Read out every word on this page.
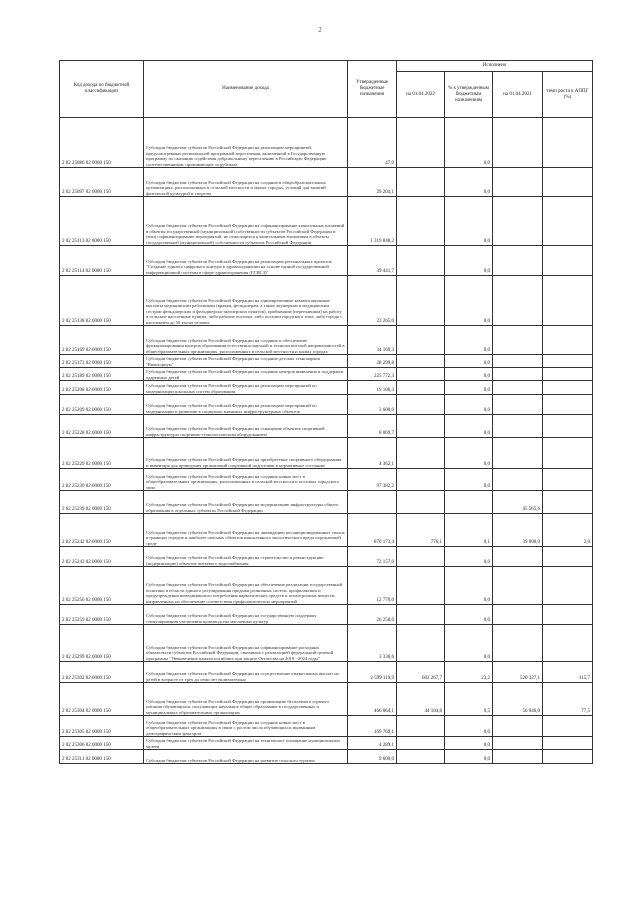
2
Код дохода по бюджетной классификации	Наименование дохода	Утвержденные бюджетные назначения	Исполнено			
			на 01.04.2022	% к утвержденным бюджетным назначениям	на 01.04.2021	темп роста к АППГ (%)
2 02 25086 02 0000 150	Субсидии бюджетам субъектов Российской Федерации на реализацию мероприятий, предусмотренных региональной программой переселения, включенной в Государственную программу по оказанию содействия добровольному переселению в Российскую Федерацию соотечественников, проживающих за рубежом	47,0		0,0		
2 02 25097 02 0000 150	Субсидии бюджетам субъектов Российской Федерации на создание в общеобразовательных организациях, расположенных в сельской местности и малых городах, условий для занятий физической культурой и спортом	29 204,1		0,0		
2 02 25113 02 0000 150	Субсидии бюджетам субъектов Российской Федерации на софинансирование капитальных вложений в объекты государственной (муниципальной) собственности субъектов Российской Федерации и (или) софинансирование мероприятий, не относящихся к капитальным вложениям в объекты государственной (муниципальной) собственности субъектов Российской Федерации	1 319 848,2		0,0		
2 02 25114 02 0000 150	Субсидии бюджетам субъектов Российской Федерации на реализацию региональных проектов "Создание единого цифрового контура в здравоохранении на основе единой государственной информационной системы в сфере здравоохранения (ЕГИСЗ)"	39 441,7		0,0		
2 02 25138 02 0000 150	Субсидии бюджетам субъектов Российской Федерации на единовременные компенсационные выплаты медицинским работникам (врачам, фельдшерам, а также акушеркам и медицинским сестрам фельдшерских и фельдшерско-акушерских пунктов), прибывшим (переехавшим) на работу в сельские населенные пункты, либо рабочие поселки, либо поселки городского типа, либо города с населением до 50 тысяч человек	23 265,0		0,0		
2 02 25169 02 0000 150	Субсидии бюджетам субъектов Российской Федерации на создание и обеспечение функционирования центров образования естественно-научной и технологической направленностей в общеобразовательных организациях, расположенных в сельской местности и малых городах	34 169,3		0,0		
2 02 25173 02 0000 150	Субсидии бюджетам субъектов Российской Федерации на создание детских технопарков "Кванториум"	28 299,8		0,0		
2 02 25189 02 0000 150	Субсидии бюджетам субъектов Российской Федерации на создание центров выявления и поддержки одаренных детей	225 772,3		0,0		
2 02 25208 02 0000 150	Субсидии бюджетам субъектов Российской Федерации на реализацию мероприятий по модернизации школьных систем образования	19 106,3		0,0		
2 02 25209 02 0000 150	Субсидии бюджетам субъектов Российской Федерации на реализацию мероприятий по модернизации и развитию в социально значимых инфраструктурных объектов	3 600,0		0,0		
2 02 25228 02 0000 150	Субсидии бюджетам субъектов Российской Федерации на оснащение объектов спортивной инфраструктуры спортивно-технологическим оборудованием	8 069,7		0,0		
2 02 25229 02 0000 150	Субсидии бюджетам субъектов Российской Федерации на приобретение спортивного оборудования и инвентаря для приведения организаций спортивной подготовки в нормативное состояние	4 362,1		0,0		
2 02 25230 02 0000 150	Субсидии бюджетам субъектов Российской Федерации на создание новых мест в общеобразовательных организациях, расположенных в сельской местности и поселках городского типа	97 382,2		0,0		
2 02 25239 02 0000 150	Субсидии бюджетам субъектов Российской Федерации на модернизацию инфраструктуры общего образования в отдельных субъектах Российской Федерации				45 565,6	
2 02 25242 02 0000 150	Субсидии бюджетам субъектов Российской Федерации на ликвидацию несанкционированных свалок в границах городов и наиболее опасных объектов накопленного экологического вреда окружающей среде	870 173,4	776,1	0,1	39 000,0	2,0
2 02 25243 02 0000 150	Субсидии бюджетам субъектов Российской Федерации на строительство и реконструкцию (модернизацию) объектов питьевого водоснабжения	72 157,0		0,0		
2 02 25256 02 0000 150	Субсидии бюджетам субъектов Российской Федерации на обеспечение реализации государственной политики в области единого регулирования продажи розничных систем, профилактики и предупреждения немедицинского потребления наркотических средств и психотропных веществ, направленных на обеспечение соответствия профилактических мероприятий	12 770,0		0,0		
2 02 25259 02 0000 150	Субсидии бюджетам субъектов Российской Федерации на государственную поддержку стимулирования увеличения производства масличных культур	26 258,0		0,0		
2 02 25299 02 0000 150	Субсидии бюджетам субъектов Российской Федерации на софинансирование расходных обязательств субъектов Российской Федерации, связанных с реализацией федеральной целевой программы "Увековечение памяти погибших при защите Отечества на 2019 - 2024 годы"	3 336,6		0,0		
2 02 25302 02 0000 150	Субсидии бюджетам субъектов Российской Федерации на осуществление ежемесячных выплат на детей в возрасте от трех до семи лет включительно	2 599 119,9	602 267,7	23,2	520 327,1	115,7
2 02 25304 02 0000 150	Субсидии бюджетам субъектов Российской Федерации на организацию бесплатного горячего питания обучающихся, получающих начальное общее образование в государственных и муниципальных образовательных организациях	466 064,1	44 104,8	9,5	56 946,0	77,5
2 02 25305 02 0000 150	Субсидии бюджетам субъектов Российской Федерации на создание новых мест в общеобразовательных организациях в связи с ростом числа обучающихся, вызванным демографическим фактором	169 769,1		0,0		
2 02 25306 02 0000 150	Субсидии бюджетам субъектов Российской Федерации на техническое оснащение муниципальных музеев	4 289,1		0,0		
2 02 25311 02 0000 150	Субсидии бюджетам субъектов Российской Федерации на развитие сельского туризма	9 600,0		0,0		
